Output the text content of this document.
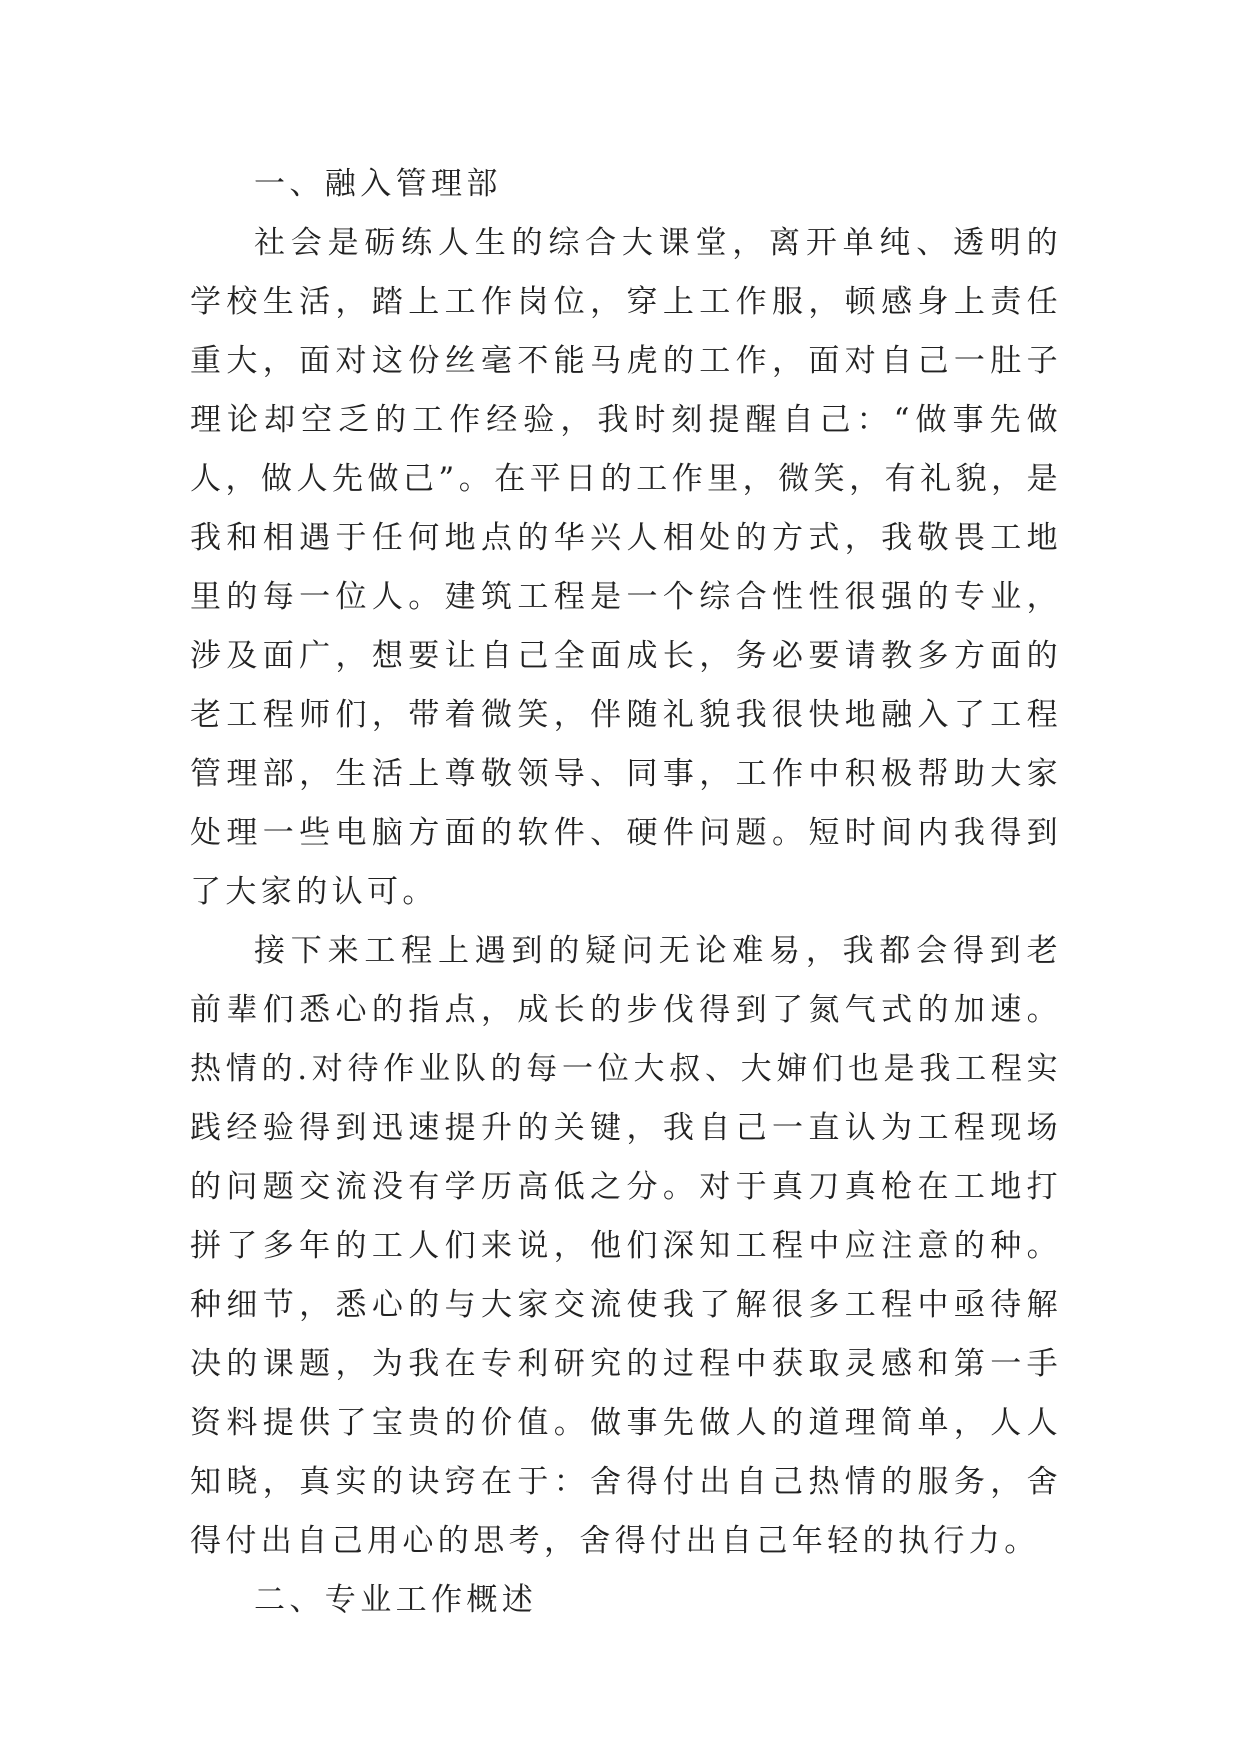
一、融入管理部

社会是砺练人生的综合大课堂，离开单纯、透明的学校生活，踏上工作岗位，穿上工作服，顿感身上责任重大，面对这份丝毫不能马虎的工作，面对自己一肚子理论却空乏的工作经验，我时刻提醒自己：“做事先做人，做人先做己”。在平日的工作里，微笑，有礼貌，是我和相遇于任何地点的华兴人相处的方式，我敬畏工地里的每一位人。建筑工程是一个综合性性很强的专业，涉及面广，想要让自己全面成长，务必要请教多方面的老工程师们，带着微笑，伴随礼貌我很快地融入了工程管理部，生活上尊敬领导、同事，工作中积极帮助大家处理一些电脑方面的软件、硬件问题。短时间内我得到了大家的认可。

接下来工程上遇到的疑问无论难易，我都会得到老前辈们悉心的指点，成长的步伐得到了氮气式的加速。热情的.对待作业队的每一位大叔、大婶们也是我工程实践经验得到迅速提升的关键，我自己一直认为工程现场的问题交流没有学历高低之分。对于真刀真枪在工地打拼了多年的工人们来说，他们深知工程中应注意的种。种细节，悉心的与大家交流使我了解很多工程中亟待解决的课题，为我在专利研究的过程中获取灵感和第一手资料提供了宝贵的价值。做事先做人的道理简单，人人知晓，真实的诀窍在于：舍得付出自己热情的服务，舍得付出自己用心的思考，舍得付出自己年轻的执行力。

二、专业工作概述
